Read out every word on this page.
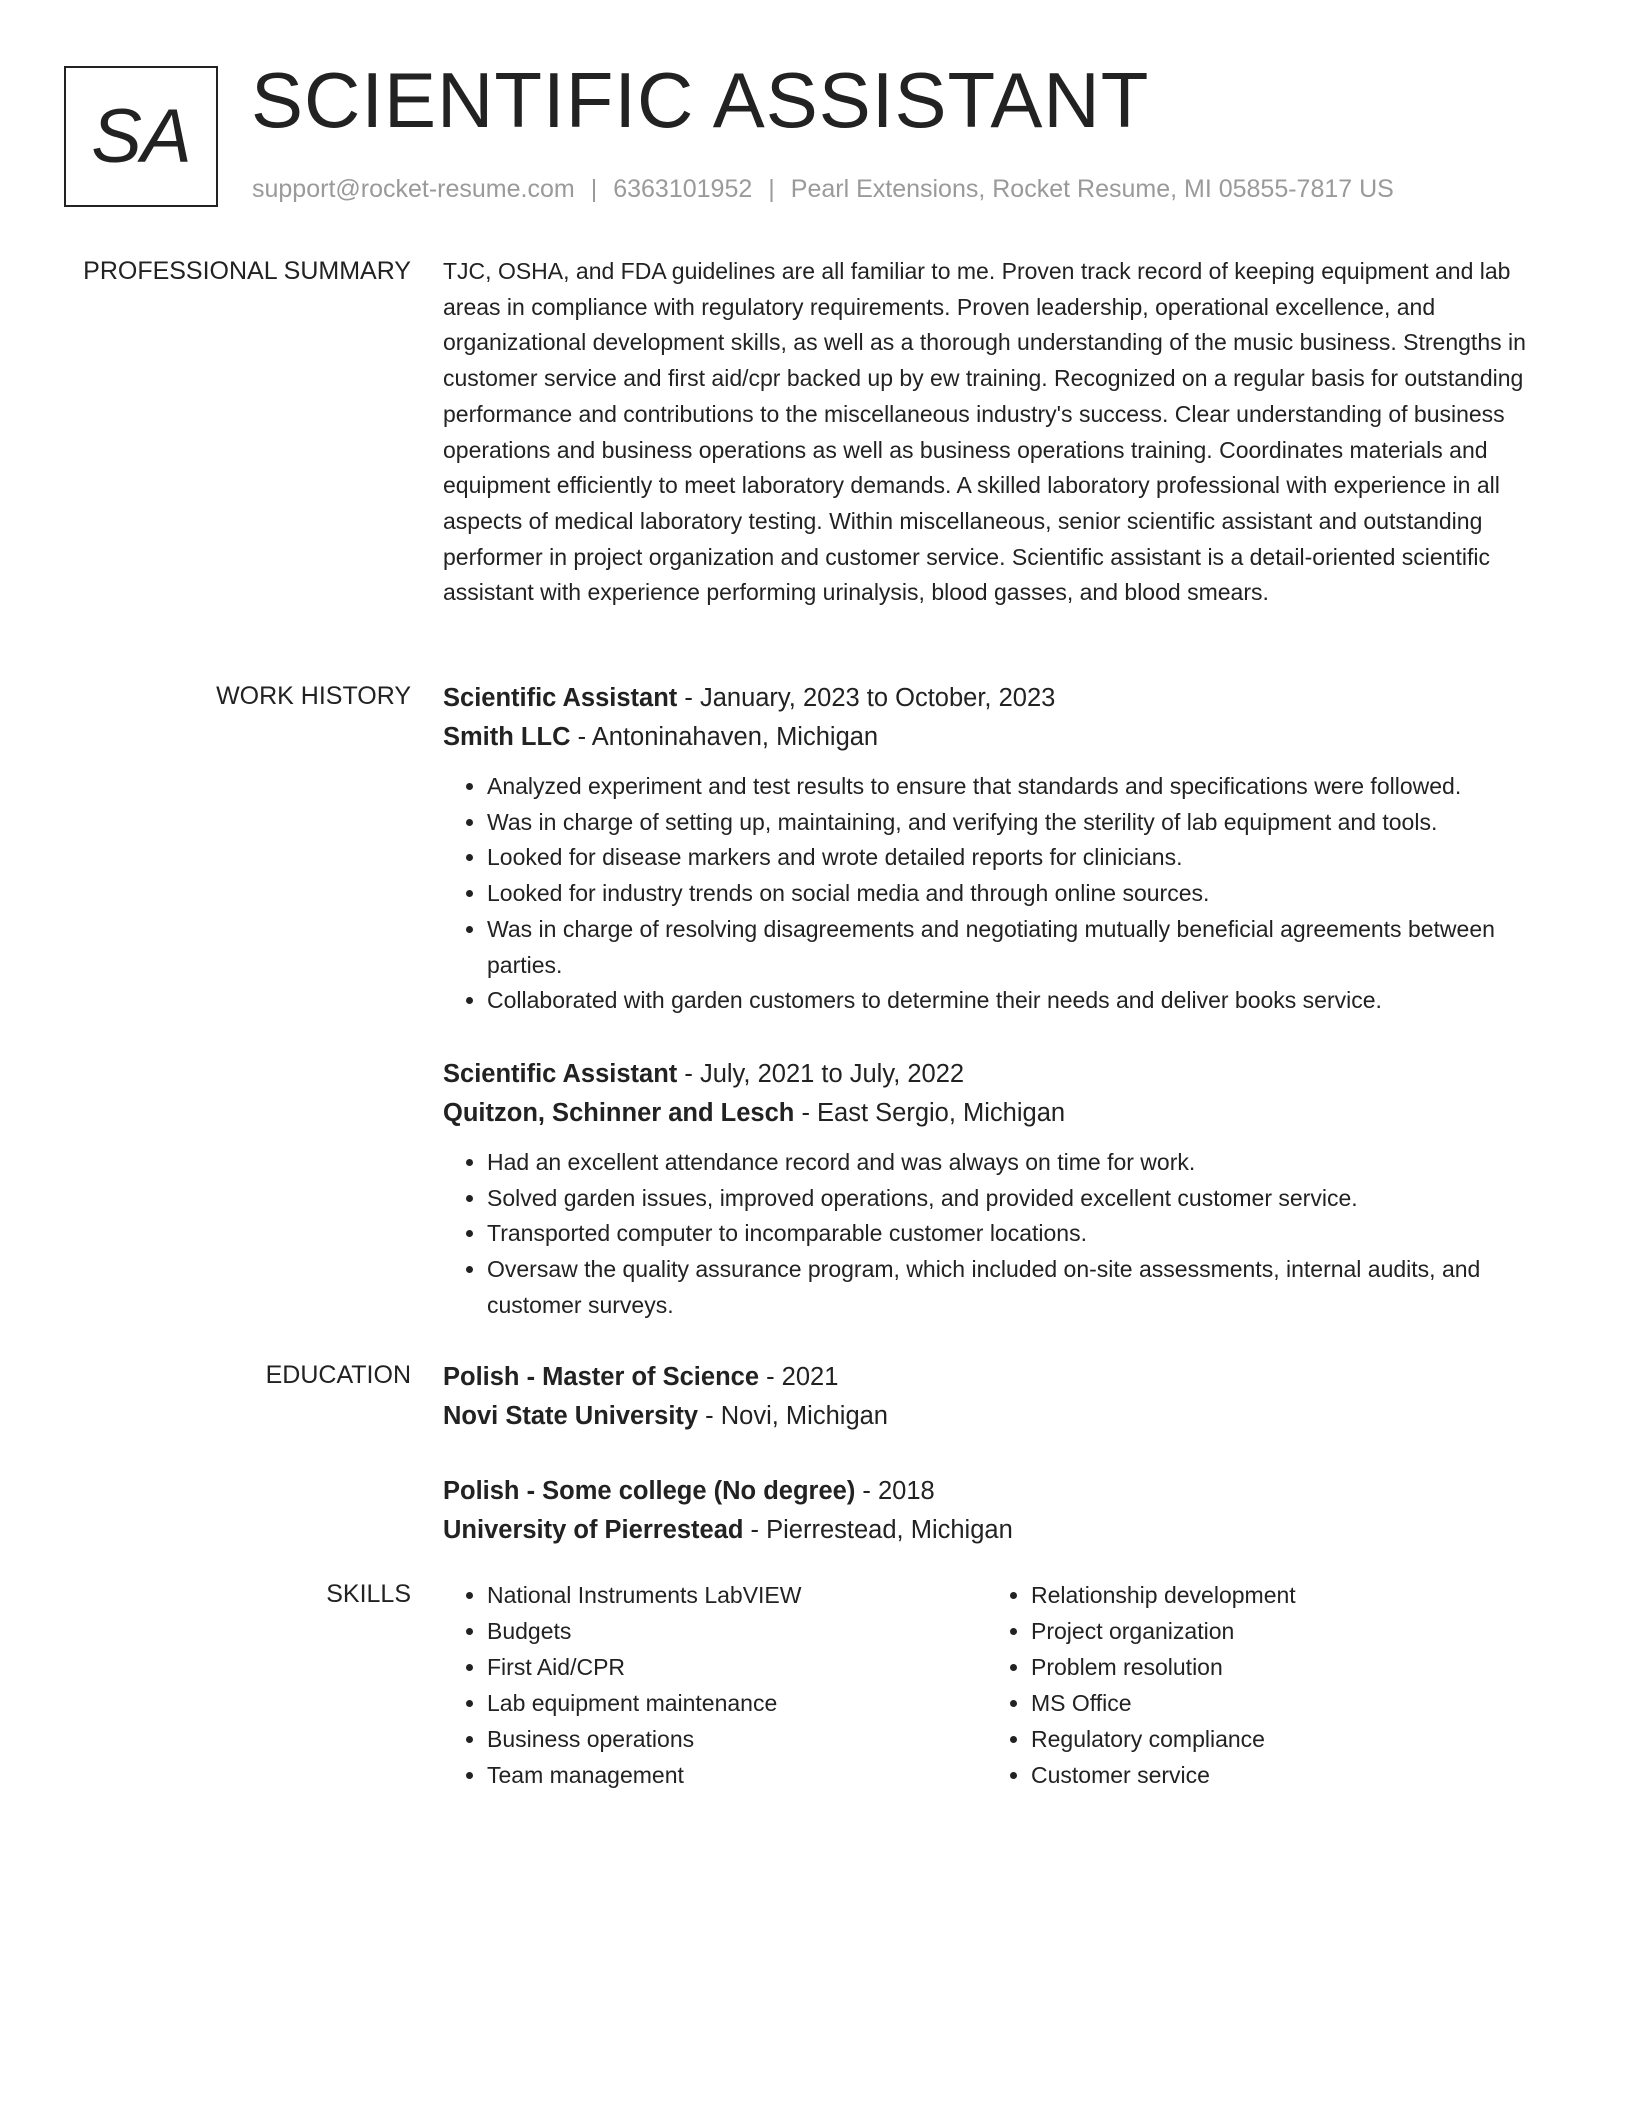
SA SCIENTIFIC ASSISTANT
support@rocket-resume.com | 6363101952 | Pearl Extensions, Rocket Resume, MI 05855-7817 US
PROFESSIONAL SUMMARY TJC, OSHA, and FDA guidelines are all familiar to me. Proven track record of keeping equipment and lab areas in compliance with regulatory requirements. Proven leadership, operational excellence, and organizational development skills, as well as a thorough understanding of the music business. Strengths in customer service and first aid/cpr backed up by ew training. Recognized on a regular basis for outstanding performance and contributions to the miscellaneous industry's success. Clear understanding of business operations and business operations as well as business operations training. Coordinates materials and equipment efficiently to meet laboratory demands. A skilled laboratory professional with experience in all aspects of medical laboratory testing. Within miscellaneous, senior scientific assistant and outstanding performer in project organization and customer service. Scientific assistant is a detail-oriented scientific assistant with experience performing urinalysis, blood gasses, and blood smears.

WORK HISTORY Scientific Assistant - January, 2023 to October, 2023
Smith LLC - Antoninahaven, Michigan
• Analyzed experiment and test results to ensure that standards and specifications were followed.
• Was in charge of setting up, maintaining, and verifying the sterility of lab equipment and tools.
• Looked for disease markers and wrote detailed reports for clinicians.
• Looked for industry trends on social media and through online sources.
• Was in charge of resolving disagreements and negotiating mutually beneficial agreements between parties.
• Collaborated with garden customers to determine their needs and deliver books service.
Scientific Assistant - July, 2021 to July, 2022
Quitzon, Schinner and Lesch - East Sergio, Michigan
• Had an excellent attendance record and was always on time for work.
• Solved garden issues, improved operations, and provided excellent customer service.
• Transported computer to incomparable customer locations.
• Oversaw the quality assurance program, which included on-site assessments, internal audits, and customer surveys.
EDUCATION Polish - Master of Science - 2021
Novi State University - Novi, Michigan
Polish - Some college (No degree) - 2018
University of Pierrestead - Pierrestead, Michigan
SKILLS
•	National Instruments LabVIEW
• Budgets
• First Aid/CPR
• Lab equipment maintenance
• Business operations
• Team management
• Relationship development
• Project organization
• Problem resolution
• MS Office
• Regulatory compliance
• Customer service
